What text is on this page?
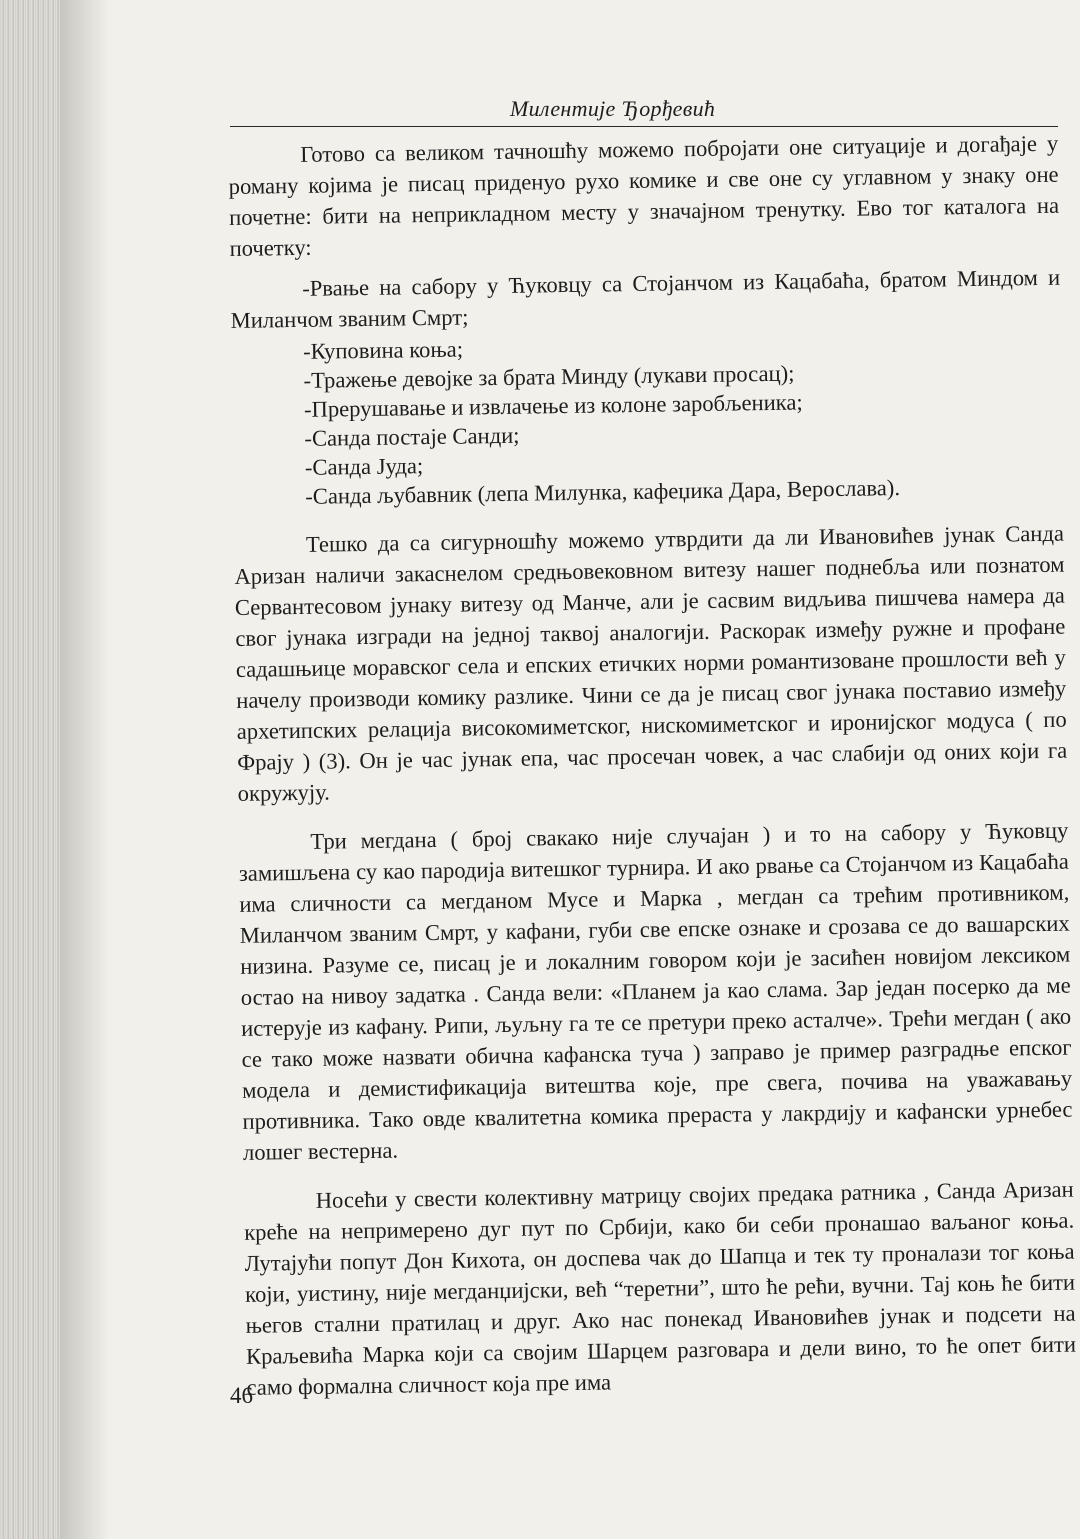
Милентије Ђорђевић

Готово са великом тачношћу можемо побројати оне ситуације и догађаје у роману којима је писац приденуо рухо комике и све оне су углавном у знаку оне почетне: бити на неприкладном месту у значајном тренутку. Ево тог каталога на почетку:

-Рвање на сабору у Ћуковцу са Стојанчом из Кацабаћа, братом Миндом и Миланчом званим Смрт;

-Куповина коња;

-Тражење девојке за брата Минду (лукави просац);

-Прерушавање и извлачење из колоне заробљеника;

-Санда постаје Санди;

-Санда Јуда;

-Санда љубавник (лепа Милунка, кафеџика Дара, Верослава).

Тешко да са сигурношћу можемо утврдити да ли Ивановићев јунак Санда Аризан наличи закаснелом средњовековном витезу нашег поднебља или познатом Сервантесовом јунаку витезу од Манче, али је сасвим видљива пишчева намера да свог јунака изгради на једној таквој аналогији. Раскорак између ружне и профане садашњице моравског села и епских етичких норми романтизоване прошлости већ у начелу производи комику разлике. Чини се да је писац свог јунака поставио између архетипских релација високомиметског, нискомиметског и иронијског модуса ( по Фрају ) (3). Он је час јунак епа, час просечан човек, а час слабији од оних који га окружују.

Три мегдана ( број свакако није случајан ) и то на сабору у Ћуковцу замишљена су као пародија витешког турнира. И ако рвање са Стојанчом из Кацабаћа има сличности са мегданом Мусе и Марка , мегдан са трећим противником, Миланчом званим Смрт, у кафани, губи све епске ознаке и срозава се до вашарских низина. Разуме се, писац је и локалним говором који је засићен новијом лексиком остао на нивоу задатка . Санда вели: «Планем ја као слама. Зар један посерко да ме истерује из кафану. Рипи, љуљну га те се претури преко асталче». Трећи мегдан ( ако се тако може назвати обична кафанска туча ) заправо је пример разградње епског модела и демистификација витештва које, пре свега, почива на уважавању противника. Тако овде квалитетна комика прераста у лакрдију и кафански урнебес лошег вестерна.

Носећи у свести колективну матрицу својих предака ратника , Санда Аризан креће на непримерено дуг пут по Србији, како би себи пронашао ваљаног коња. Лутајући попут Дон Кихота, он доспева чак до Шапца и тек ту проналази тог коња који, уистину, није мегданџијски, већ “теретни”, што ће рећи, вучни. Тај коњ ће бити његов стални пратилац и друг. Ако нас понекад Ивановићев јунак и подсети на Краљевића Марка који са својим Шарцем разговара и дели вино, то ће опет бити само формална сличност која пре има

46
